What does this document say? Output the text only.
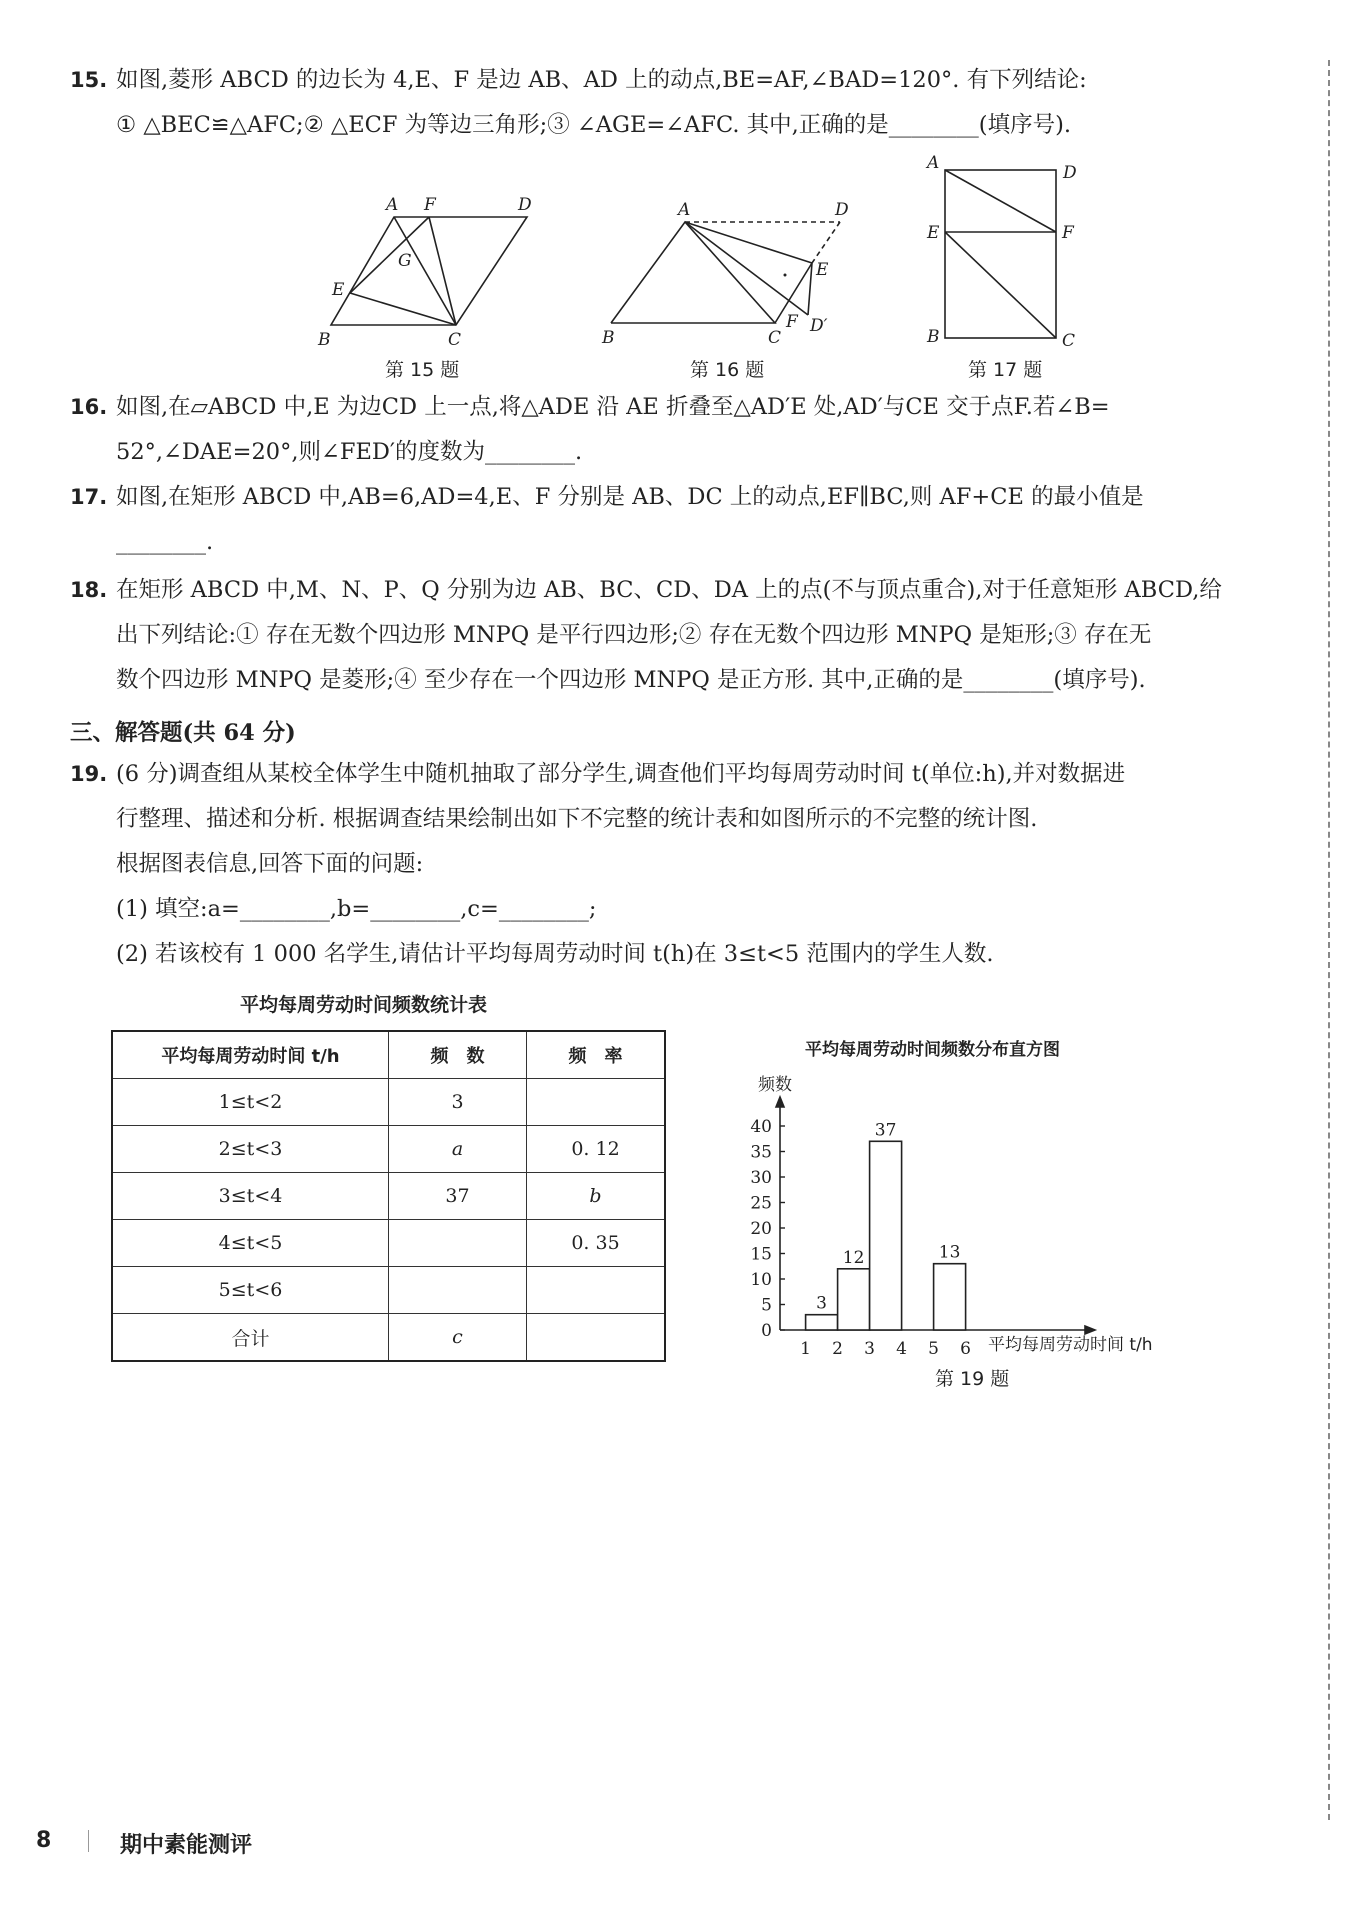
15. 如图,菱形 ABCD 的边长为 4,E、F 是边 AB、AD 上的动点,BE=AF,∠BAD=120°. 有下列结论:
① △BEC≌△AFC;② △ECF 为等边三角形;③ ∠AGE=∠AFC. 其中,正确的是________(填序号).
A F	D
G
E
B	C
第 15 题
A	D
E
B	C
F D′
第 16 题
A	D
E	F
B	C
第 17 题
16. 如图,在▱ABCD 中,E 为边CD 上一点,将△ADE 沿 AE 折叠至△AD′E 处,AD′与CE 交于点F.若∠B=
52°,∠DAE=20°,则∠FED′的度数为________.
17. 如图,在矩形 ABCD 中,AB=6,AD=4,E、F 分别是 AB、DC 上的动点,EF∥BC,则 AF+CE 的最小值是
________.
18. 在矩形 ABCD 中,M、N、P、Q 分别为边 AB、BC、CD、DA 上的点(不与顶点重合),对于任意矩形 ABCD,给
出下列结论:① 存在无数个四边形 MNPQ 是平行四边形;② 存在无数个四边形 MNPQ 是矩形;③ 存在无
数个四边形 MNPQ 是菱形;④ 至少存在一个四边形 MNPQ 是正方形. 其中,正确的是________(填序号).
三、解答题(共 64 分)
19. (6 分)调查组从某校全体学生中随机抽取了部分学生,调查他们平均每周劳动时间 t(单位:h),并对数据进
行整理、描述和分析. 根据调查结果绘制出如下不完整的统计表和如图所示的不完整的统计图.
根据图表信息,回答下面的问题:
(1) 填空:a=________,b=________,c=________;
(2) 若该校有 1 000 名学生,请估计平均每周劳动时间 t(h)在 3≤t<5 范围内的学生人数.
平均每周劳动时间频数统计表
平均每周劳动时间 t/h	频　数	频　率
1≤t<2	3	
2≤t<3	a	0. 12
3≤t<4	37	b
4≤t<5		0. 35
5≤t<6		
合计	c	
平均每周劳动时间频数分布直方图
频数
平均每周劳动时间 t/h
0
5
10
15
20
25
30
35
40
1 2 3 4 5 6
3
12
37
13
第 19 题
8	期中素能测评
